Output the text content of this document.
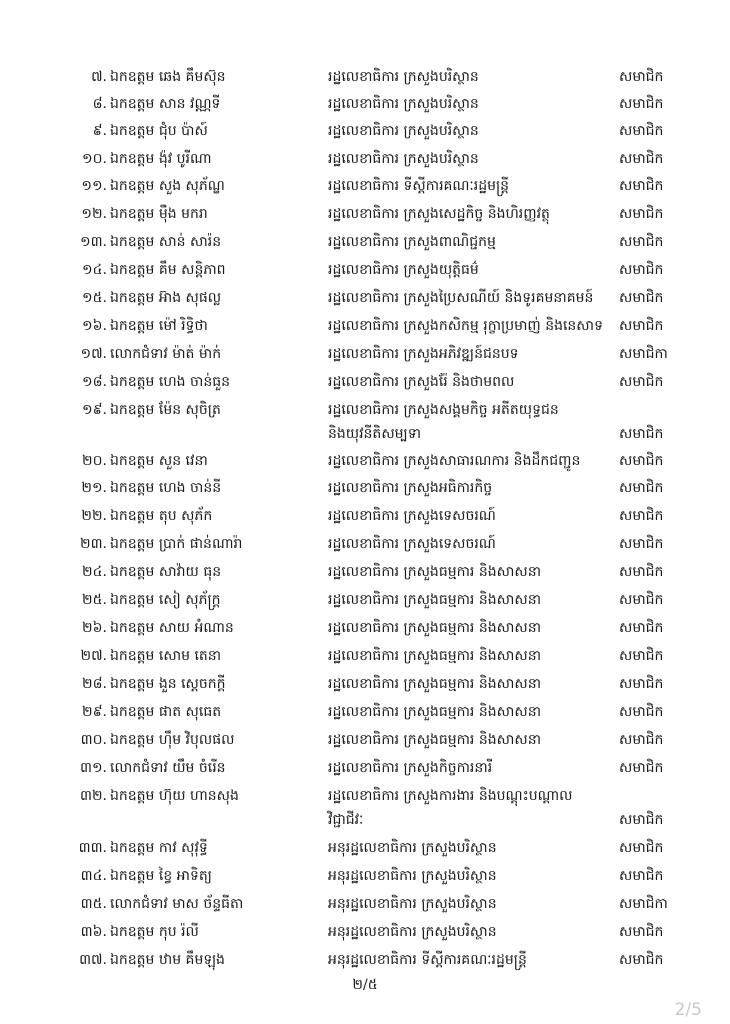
៧. ឯកឧត្តម ឆេង គឹមស៊ុន	រដ្ឋលេខាធិការ ក្រសួងបរិស្ថាន	សមាជិក
៨. ឯកឧត្តម សាន វណ្ណទី	រដ្ឋលេខាធិការ ក្រសួងបរិស្ថាន	សមាជិក
៩. ឯកឧត្តម ជុំប ប៉ាស៍	រដ្ឋលេខាធិការ ក្រសួងបរិស្ថាន	សមាជិក
១០. ឯកឧត្តម ង៉ុវ បូរីណា	រដ្ឋលេខាធិការ ក្រសួងបរិស្ថាន	សមាជិក
១១. ឯកឧត្តម សួង សុភ័ណ្ឌ	រដ្ឋលេខាធិការ ទីស្តីការគណៈរដ្ឋមន្ត្រី	សមាជិក
១២. ឯកឧត្តម មុឺង មករា	រដ្ឋលេខាធិការ ក្រសួងសេដ្ឋកិច្ច និងហិរញ្ញវត្ថុ	សមាជិក
១៣. ឯកឧត្តម សាន់ សារ៉ន	រដ្ឋលេខាធិការ ក្រសួងពាណិជ្ជកម្ម	សមាជិក
១៤. ឯកឧត្តម គឹម សន្តិភាព	រដ្ឋលេខាធិការ ក្រសួងយុត្តិធម៌	សមាជិក
១៥. ឯកឧត្តម អ៊ាង សុផល្ល	រដ្ឋលេខាធិការ ក្រសួងប្រៃសណីយ៍ និងទូរគមនាគមន៍ សមាជិក
១៦. ឯកឧត្តម ម៉ៅ រិទ្ធិថា	រដ្ឋលេខាធិការ ក្រសួងកសិកម្ម រុក្ខាប្រមាញ់ និងនេសាទ សមាជិក
១៧. លោកជំទាវ ម៉ាត់ ម៉ាក់	រដ្ឋលេខាធិការ ក្រសួងអភិវឌ្ឍន៍ជនបទ	សមាជិកា
១៨. ឯកឧត្តម ហេង ចាន់ធួន	រដ្ឋលេខាធិការ ក្រសួងរ៉ែ និងថាមពល	សមាជិក
១៩. ឯកឧត្តម ម៉ែន សុចិត្រ	រដ្ឋលេខាធិការ ក្រសួងសង្គមកិច្ច អតីតយុទ្ធជន
និងយុវនីតិសម្បទា	សមាជិក
២០. ឯកឧត្តម សួន វេនា	រដ្ឋលេខាធិការ ក្រសួងសាធារណការ និងដឹកជញ្ជូន	សមាជិក
២១. ឯកឧត្តម ហេង ចាន់នី	រដ្ឋលេខាធិការ ក្រសួងអធិការកិច្ច	សមាជិក
២២. ឯកឧត្តម តុប សុភ័ក	រដ្ឋលេខាធិការ ក្រសួងទេសចរណ៍	សមាជិក
២៣. ឯកឧត្តម ប្រាក់ ផាន់ណារ៉ា	រដ្ឋលេខាធិការ ក្រសួងទេសចរណ៍	សមាជិក
២៤. ឯកឧត្តម សាវ៉ាយ ធុន	រដ្ឋលេខាធិការ ក្រសួងធម្មការ និងសាសនា	សមាជិក
២៥. ឯកឧត្តម សៀ សុភ័ក្ត្រ	រដ្ឋលេខាធិការ ក្រសួងធម្មការ និងសាសនា	សមាជិក
២៦. ឯកឧត្តម សាយ អំណាន	រដ្ឋលេខាធិការ ក្រសួងធម្មការ និងសាសនា	សមាជិក
២៧. ឯកឧត្តម សោម តេនា	រដ្ឋលេខាធិការ ក្រសួងធម្មការ និងសាសនា	សមាជិក
២៨. ឯកឧត្តម ងួន ស្តេចកក្តី	រដ្ឋលេខាធិការ ក្រសួងធម្មការ និងសាសនា	សមាជិក
២៩. ឯកឧត្តម ផាត សុធេត	រដ្ឋលេខាធិការ ក្រសួងធម្មការ និងសាសនា	សមាជិក
៣០. ឯកឧត្តម ហុឹម វិបុលផល	រដ្ឋលេខាធិការ ក្រសួងធម្មការ និងសាសនា	សមាជិក
៣១. លោកជំទាវ យឹម ចំរើន	រដ្ឋលេខាធិការ ក្រសួងកិច្ចការនារី	សមាជិក
៣២. ឯកឧត្តម ហ៊ុយ ហានសុង	រដ្ឋលេខាធិការ ក្រសួងការងារ និងបណ្តុះបណ្តាល
វិជ្ជាជីវៈ	សមាជិក
៣៣. ឯកឧត្តម កាវ សុវុទ្ធី	អនុរដ្ឋលេខាធិការ ក្រសួងបរិស្ថាន	សមាជិក
៣៤. ឯកឧត្តម ខ្វៃ អាទិត្យ	អនុរដ្ឋលេខាធិការ ក្រសួងបរិស្ថាន	សមាជិក
៣៥. លោកជំទាវ មាស ច័ន្ទធីតា	អនុរដ្ឋលេខាធិការ ក្រសួងបរិស្ថាន	សមាជិកា
៣៦. ឯកឧត្តម កុប រ៉លី	អនុរដ្ឋលេខាធិការ ក្រសួងបរិស្ថាន	សមាជិក
៣៧. ឯកឧត្តម ឋាម គឹមឡុង	អនុរដ្ឋលេខាធិការ ទីស្តីការគណៈរដ្ឋមន្ត្រី	សមាជិក
២/៥
2/5
